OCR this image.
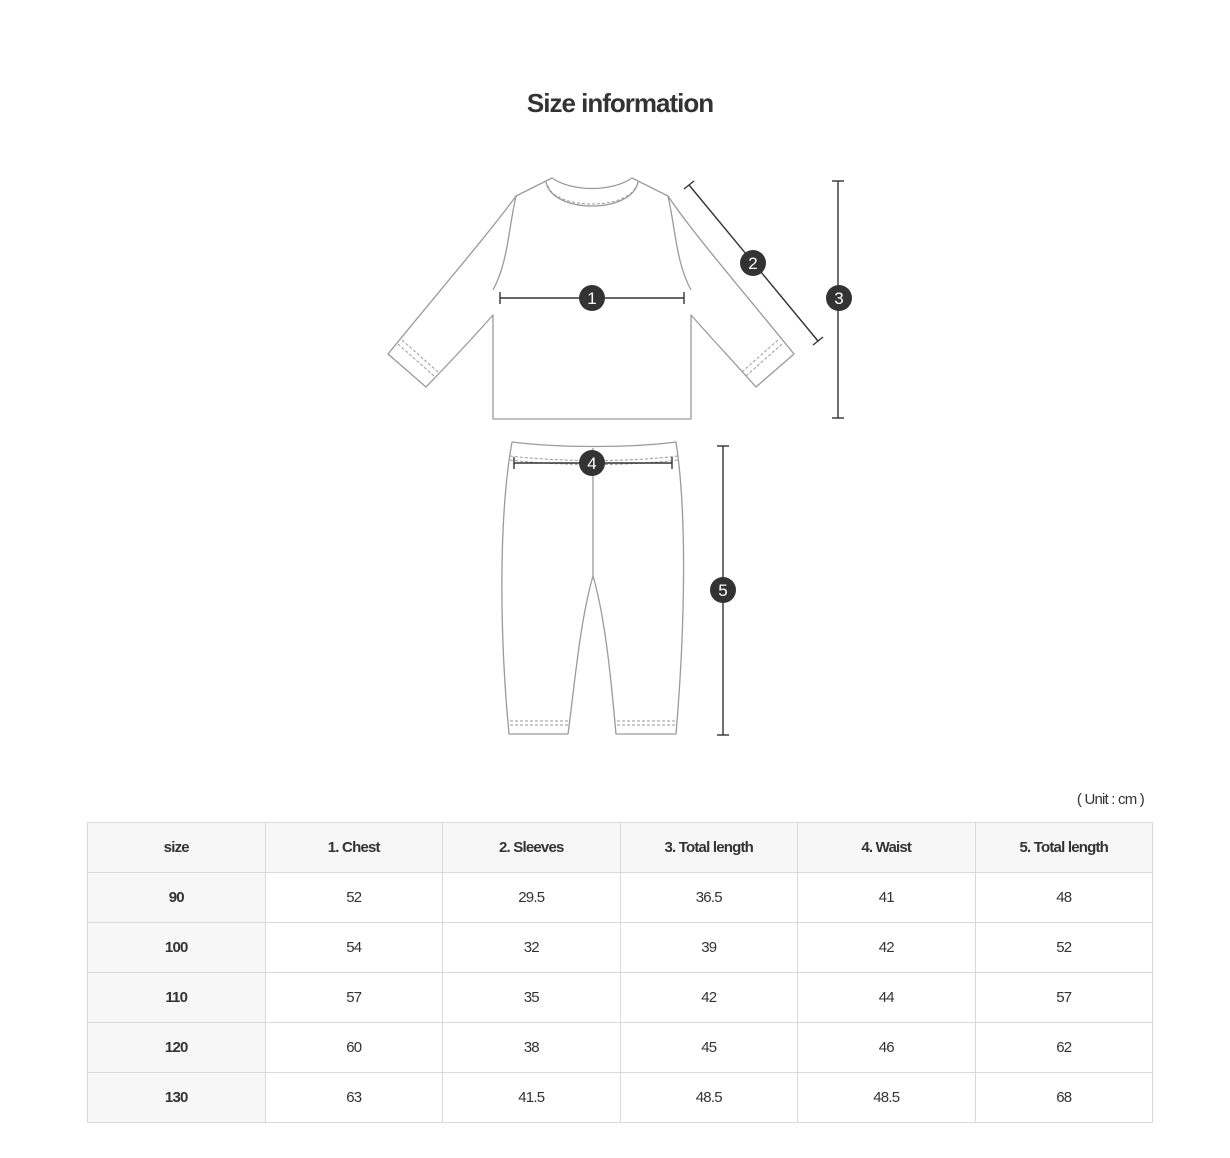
Size information
1
2
3
4
5
( Unit : cm )
size	1. Chest	2. Sleeves	3. Total length	4. Waist	5. Total length
90	52	29.5	36.5	41	48
100	54	32	39	42	52
110	57	35	42	44	57
120	60	38	45	46	62
130	63	41.5	48.5	48.5	68
